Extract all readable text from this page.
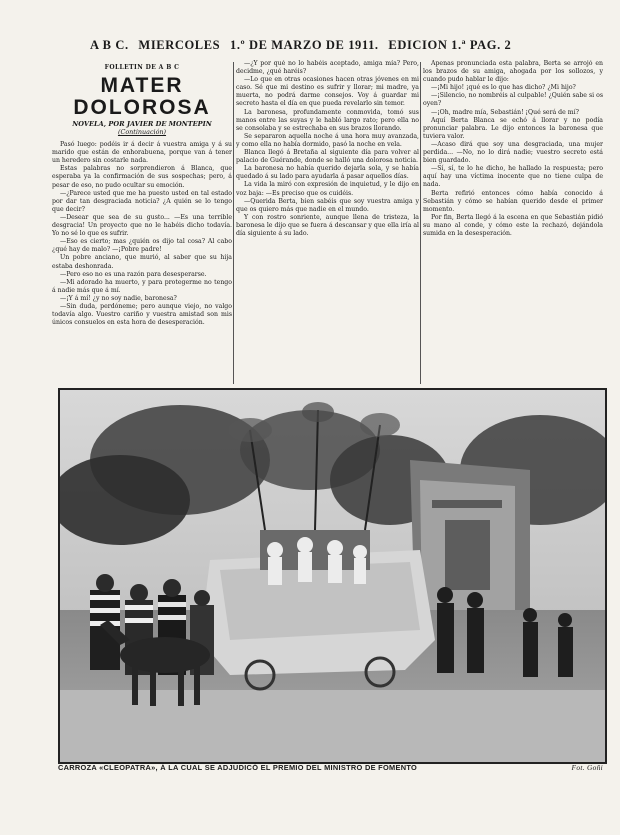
A B C. MIERCOLES 1.º DE MARZO DE 1911. EDICION 1.ª PAG. 2
FOLLETIN DE A B C
MATER DOLOROSA
NOVELA, POR JAVIER DE MONTEPIN
(Continuación)

Pasó luego: podéis ir á decir á vuestra amiga y á su marido que están de enhorabuena, porque van á tener un heredero sin costarle nada.

Estas palabras no sorprendieron á Blanca, que esperaba ya la confirmación de sus sospechas; pero, á pesar de eso, no pudo ocultar su emoción.

—¿Parece usted que me ha puesto usted en tal estado por dar tan desgraciada noticia? ¿A quién se lo tengo que decir?

—Desear que sea de su gusto... —Es una terrible desgracia! Un proyecto que no le habéis dicho todavía. Yo no sé lo que es sufrir.

—Eso es cierto; mas ¿quién os dijo tal cosa? Al cabo ¿qué hay de malo? —¡Pobre padre!

Un pobre anciano, que murió, al saber que su hija estaba deshonrada.

—Pero eso no es una razón para desesperarse.

—Mi adorado ha muerto, y para protegerme no tengo á nadie más que á mí.

—¡Y á mí! ¿y no soy nadie, baronesa?

—Sin duda, perdóneme; pero aunque viejo, no valgo todavía algo. Vuestro cariño y vuestra amistad son mis únicos consuelos en esta hora de desesperación.

—¿Y por qué no lo habéis aceptado, amiga mía? Pero, decidme, ¿qué haréis?

—Lo que en otras ocasiones hacen otras jóvenes en mi caso. Sé que mi destino es sufrir y llorar; mi madre, ya muerta, no podrá darme consejos. Voy á guardar mi secreto hasta el día en que pueda revelarlo sin temor.

La baronesa, profundamente conmovida, tomó sus manos entre las suyas y le habló largo rato; pero ella no se consolaba y se estrechaba en sus brazos llorando.

Se separaron aquella noche á una hora muy avanzada, y como ella no había dormido, pasó la noche en vela.

Blanca llegó á Bretaña al siguiente día para volver al palacio de Guérande, donde se halló una dolorosa noticia.

La baronesa no había querido dejarla sola, y se había quedado á su lado para ayudarla á pasar aquellos días.

La vida la miró con expresión de inquietud, y le dijo en voz baja: —Es preciso que os cuidéis.

—Querida Berta, bien sabéis que soy vuestra amiga y que os quiero más que nadie en el mundo.

Y con rostro sonriente, aunque llena de tristeza, la baronesa le dijo que se fuera á descansar y que ella iría al día siguiente á su lado.

Apenas pronunciada esta palabra, Berta se arrojó en los brazos de su amiga, ahogada por los sollozos, y cuando pudo hablar le dijo:

—¡Mi hijo! ¡qué es lo que has dicho? ¿Mi hijo?

—¡Silencio, no nombréis al culpable! ¿Quién sabe si os oyen?

—¡Oh, madre mía, Sebastián! ¡Qué será de mí?

Aquí Berta Blanca se echó á llorar y no podía pronunciar palabra. Le dijo entonces la baronesa que tuviera valor.

—Acaso dirá que soy una desgraciada, una mujer perdida... —No, no lo dirá nadie; vuestro secreto está bien guardado.

—Sí, sí, te lo he dicho, he hallado la respuesta; pero aquí hay una víctima inocente que no tiene culpa de nada.

Berta refirió entonces cómo había conocido á Sebastián y cómo se habían querido desde el primer momento.

Por fin, Berta llegó á la escena en que Sebastián pidió su mano al conde, y cómo este la rechazó, dejándola sumida en la desesperación.

CARROZA «CLEOPATRA», Á LA CUAL SE ADJUDICÓ EL PREMIO DEL MINISTRO DE FOMENTO	Fot. Goñi
